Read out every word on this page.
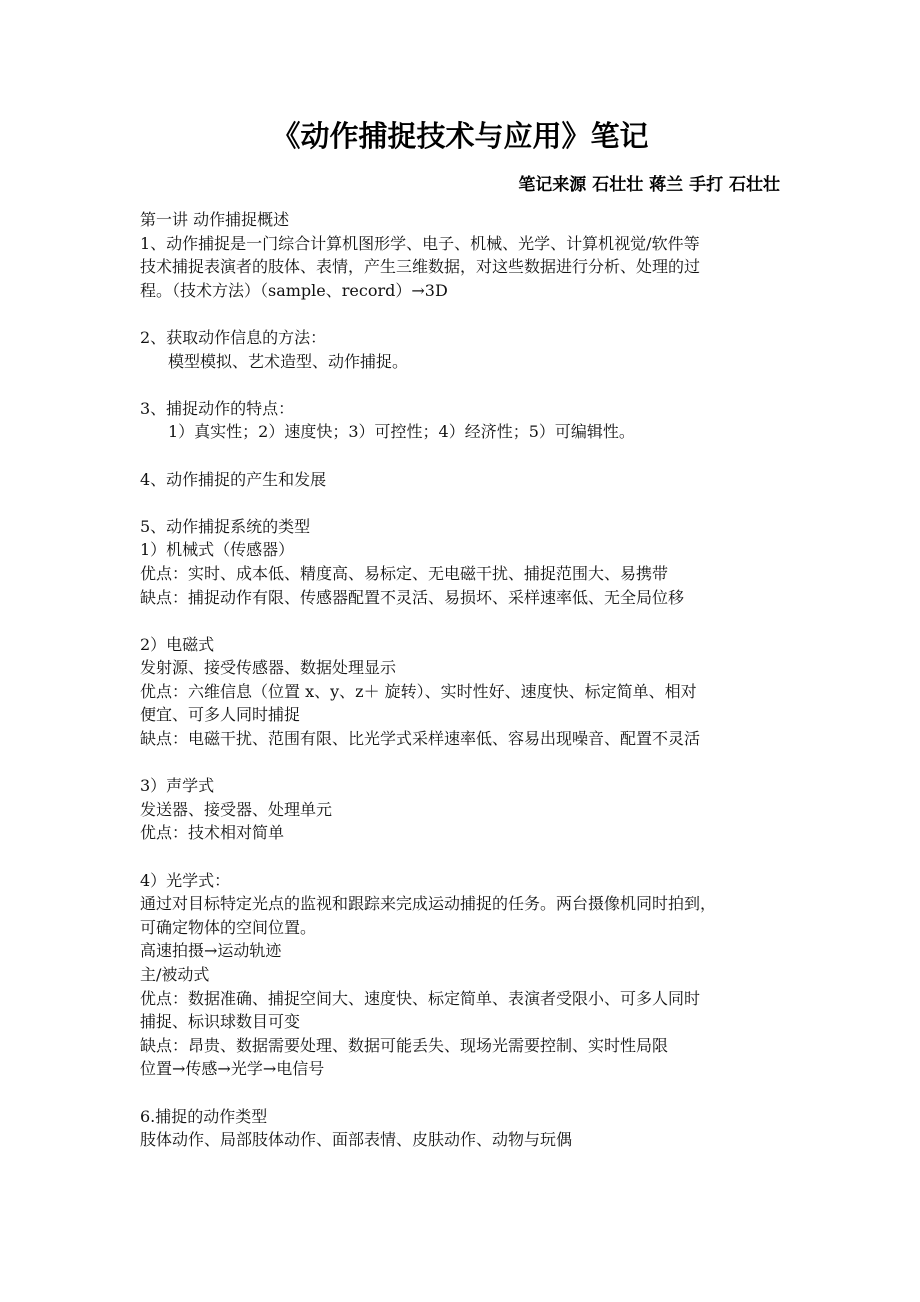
《动作捕捉技术与应用》笔记
笔记来源 石壮壮 蒋兰 手打 石壮壮
第一讲 动作捕捉概述
1、动作捕捉是一门综合计算机图形学、电子、机械、光学、计算机视觉/软件等
技术捕捉表演者的肢体、表情，产生三维数据，对这些数据进行分析、处理的过
程。（技术方法）（sample、record）→3D
2、获取动作信息的方法：
模型模拟、艺术造型、动作捕捉。
3、捕捉动作的特点：
1）真实性；2）速度快；3）可控性；4）经济性；5）可编辑性。
4、动作捕捉的产生和发展
5、动作捕捉系统的类型
1）机械式（传感器）
优点：实时、成本低、精度高、易标定、无电磁干扰、捕捉范围大、易携带
缺点：捕捉动作有限、传感器配置不灵活、易损坏、采样速率低、无全局位移
2）电磁式
发射源、接受传感器、数据处理显示
优点：六维信息（位置 x、y、z＋ 旋转）、实时性好、速度快、标定简单、相对
便宜、可多人同时捕捉
缺点：电磁干扰、范围有限、比光学式采样速率低、容易出现噪音、配置不灵活
3）声学式
发送器、接受器、处理单元
优点：技术相对简单
4）光学式：
通过对目标特定光点的监视和跟踪来完成运动捕捉的任务。两台摄像机同时拍到，
可确定物体的空间位置。
高速拍摄→运动轨迹
主/被动式
优点：数据准确、捕捉空间大、速度快、标定简单、表演者受限小、可多人同时
捕捉、标识球数目可变
缺点：昂贵、数据需要处理、数据可能丢失、现场光需要控制、实时性局限
位置→传感→光学→电信号
6.捕捉的动作类型
肢体动作、局部肢体动作、面部表情、皮肤动作、动物与玩偶
